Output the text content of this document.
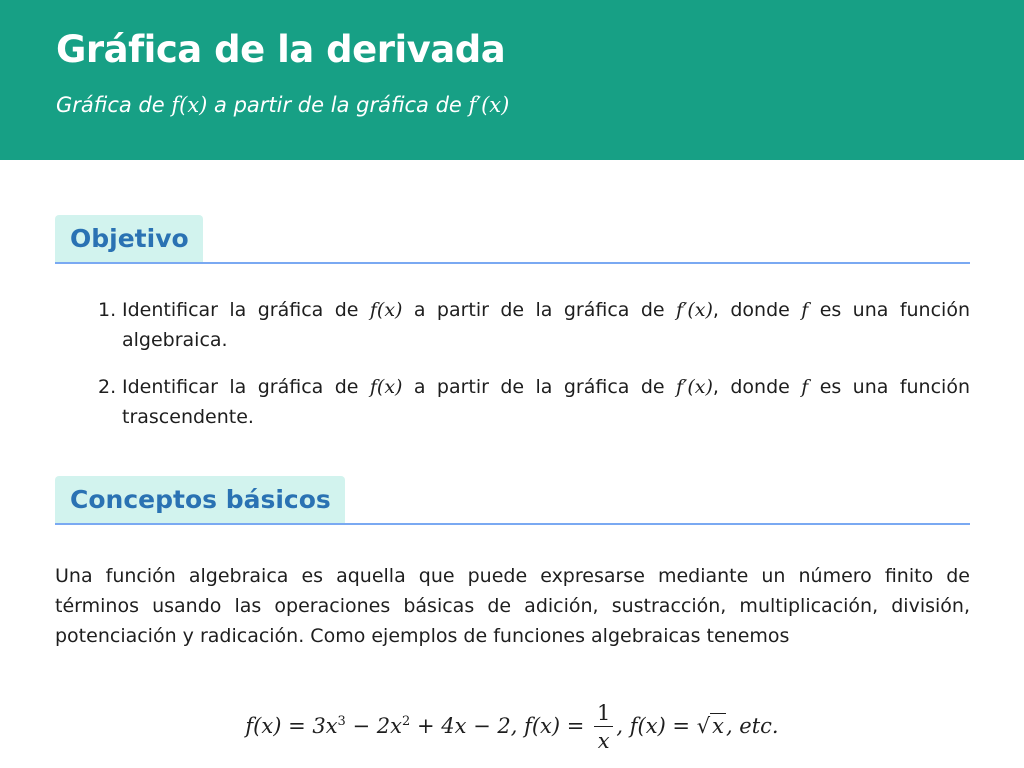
Gráfica de la derivada

Gráfica de f(x) a partir de la gráfica de f′(x)

Objetivo
1. Identificar la gráfica de f(x) a partir de la gráfica de f′(x), donde f es una función algebraica.
2. Identificar la gráfica de f(x) a partir de la gráfica de f′(x), donde f es una función trascendente.
Conceptos básicos

Una función algebraica es aquella que puede expresarse mediante un número finito de términos usando las operaciones básicas de adición, sustracción, multiplicación, división, potenciación y radicación. Como ejemplos de funciones algebraicas tenemos

$f(x) = 3x^3 - 2x^2 + 4x - 2$, $f(x) = \frac{1}{x}$ , f(x) = √x, etc.
